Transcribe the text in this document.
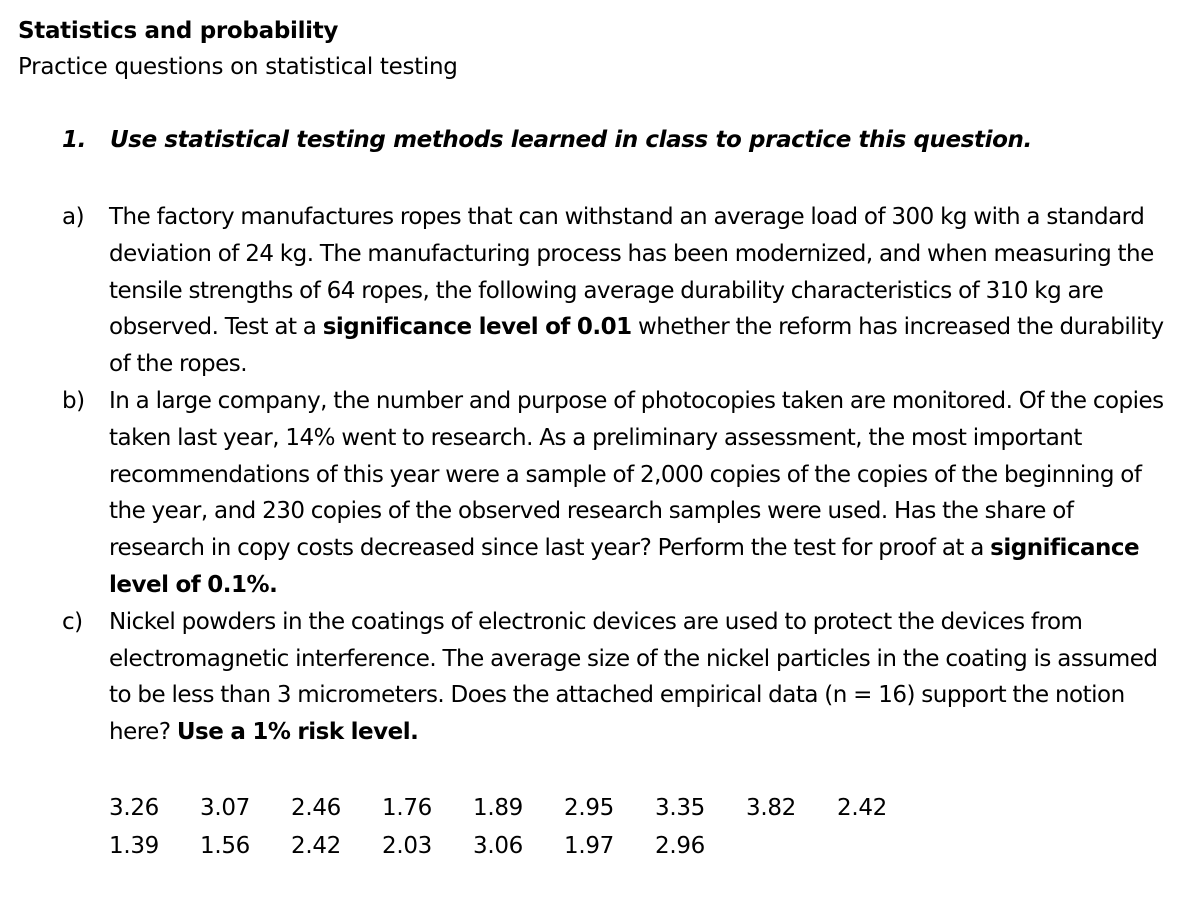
Statistics and probability
Practice questions on statistical testing
1. Use statistical testing methods learned in class to practice this question.
a) The factory manufactures ropes that can withstand an average load of 300 kg with a standard deviation of 24 kg. The manufacturing process has been modernized, and when measuring the tensile strengths of 64 ropes, the following average durability characteristics of 310 kg are observed. Test at a significance level of 0.01 whether the reform has increased the durability of the ropes.
b) In a large company, the number and purpose of photocopies taken are monitored. Of the copies taken last year, 14% went to research. As a preliminary assessment, the most important recommendations of this year were a sample of 2,000 copies of the copies of the beginning of the year, and 230 copies of the observed research samples were used. Has the share of research in copy costs decreased since last year? Perform the test for proof at a significance level of 0.1%.
c) Nickel powders in the coatings of electronic devices are used to protect the devices from electromagnetic interference. The average size of the nickel particles in the coating is assumed to be less than 3 micrometers. Does the attached empirical data (n = 16) support the notion here? Use a 1% risk level.
3.26 3.07 2.46 1.76 1.89 2.95 3.35 3.82 2.42
1.39 1.56 2.42 2.03 3.06 1.97 2.96
